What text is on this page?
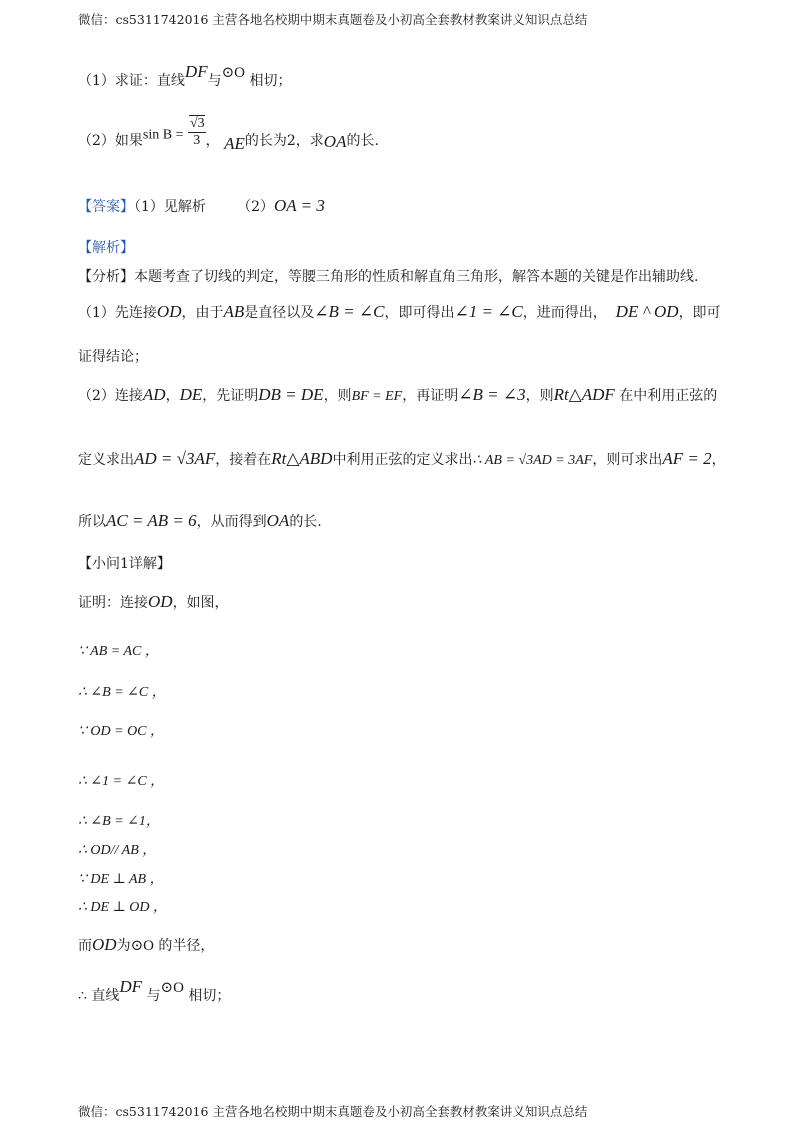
微信：cs5311742016 主营各地名校期中期末真题卷及小初高全套教材教案讲义知识点总结
（1）求证：直线DF与⊙O 相切；
（2）如果$\sin B = \frac{√3}{3}$ ， AE的长为2，求OA的长.
【答案】（1）见解析 （2）OA = 3
【解析】
【分析】本题考查了切线的判定，等腰三角形的性质和解直角三角形，解答本题的关键是作出辅助线.
（1）先连接OD，由于AB是直径以及∠B = ∠C，即可得出∠1 = ∠C，进而得出， DE ^ OD，即可
证得结论；
（2）连接AD，DE，先证明DB = DE，则BF = EF，再证明∠B = ∠3，则Rt△ADF 在中利用正弦的
定义求出AD = √3AF，接着在Rt△ABD中利用正弦的定义求出∴ AB = √3AD = 3AF，则可求出AF = 2，
所以AC = AB = 6，从而得到OA的长.
【小问1详解】
证明：连接OD，如图，
∵ AB = AC ，
∴ ∠B = ∠C ，
∵ OD = OC ，
∴ ∠1 = ∠C ，
∴ ∠B = ∠1，
∴ OD// AB ，
∵ DE ⊥ AB ，
∴ DE ⊥ OD ，
而OD为⊙O 的半径，
∴ 直线DF 与⊙O 相切；
微信：cs5311742016 主营各地名校期中期末真题卷及小初高全套教材教案讲义知识点总结
